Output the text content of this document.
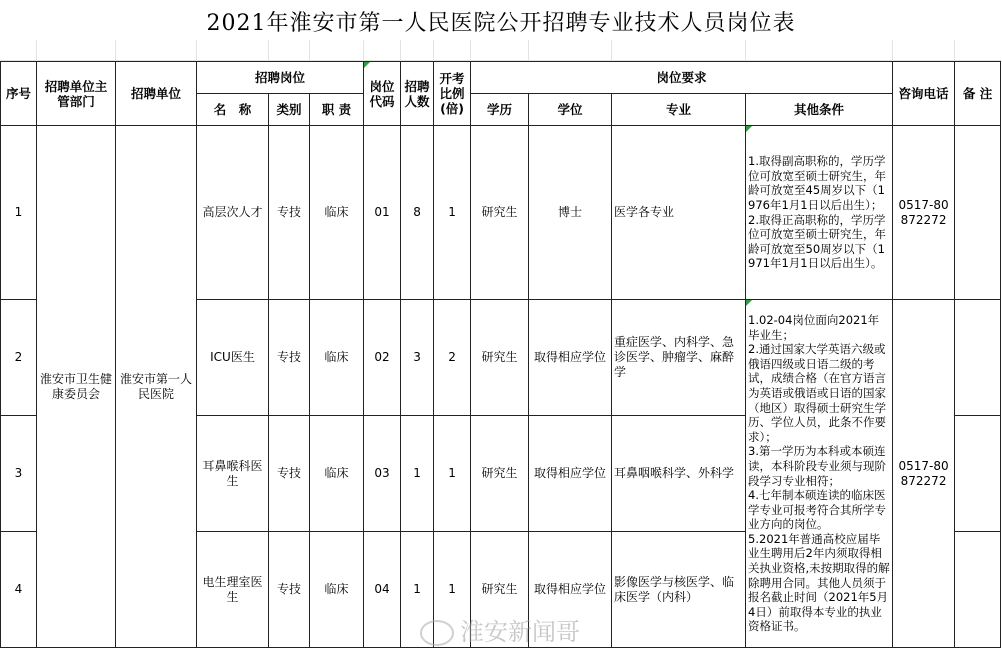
2021年淮安市第一人民医院公开招聘专业技术人员岗位表
序号	招聘单位主管部门	招聘单位	招聘岗位			岗位代码	招聘人数	开考比例(倍)	岗位要求				咨询电话	备 注
			名　称	类别	职 责				学历	学位	专业	其他条件		
1	淮安市卫生健康委员会	淮安市第一人民医院	高层次人才	专技	临床	01	8	1	研究生	博士	医学各专业	1.取得副高职称的，学历学位可放宽至硕士研究生，年龄可放宽至45周岁以下（1976年1月1日以后出生）；
2.取得正高职称的，学历学位可放宽至硕士研究生，年龄可放宽至50周岁以下（1971年1月1日以后出生）。	0517-80872272	
2			ICU医生	专技	临床	02	3	2	研究生	取得相应学位	重症医学、内科学、急诊医学、肿瘤学、麻醉学	1.02-04岗位面向2021年毕业生；
2.通过国家大学英语六级或俄语四级或日语二级的考试，成绩合格（在官方语言为英语或俄语或日语的国家（地区）取得硕士研究生学历、学位人员，此条不作要求）；
3.第一学历为本科或本硕连读，本科阶段专业须与现阶段学习专业相符；
4.七年制本硕连读的临床医学专业可报考符合其所学专业方向的岗位。
5.2021年普通高校应届毕业生聘用后2年内须取得相关执业资格,未按期取得的解除聘用合同。其他人员须于报名截止时间（2021年5月4日）前取得本专业的执业资格证书。	0517-80872272	
3			耳鼻喉科医生	专技	临床	03	1	1	研究生	取得相应学位	耳鼻咽喉科学、外科学			
4			电生理室医生	专技	临床	04	1	1	研究生	取得相应学位	影像医学与核医学、临床医学（内科）			
淮安新闻哥
